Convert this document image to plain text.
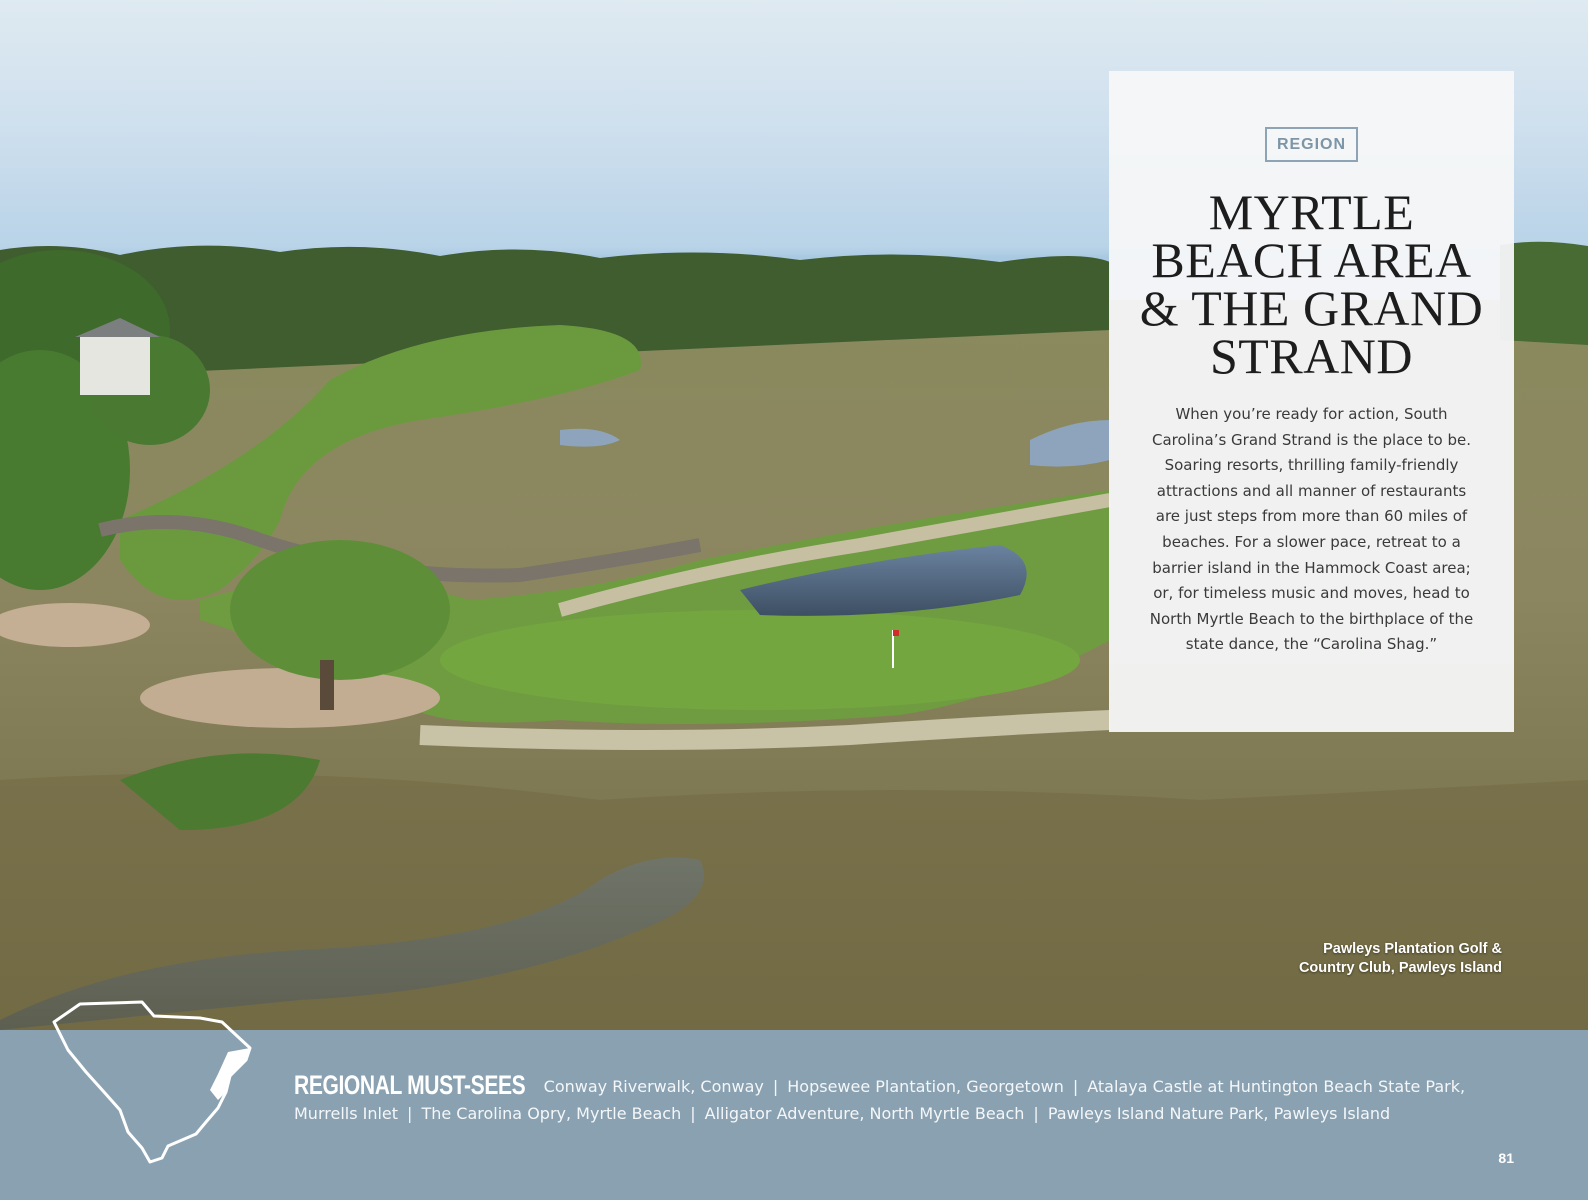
REGION
MYRTLE
BEACH AREA
& THE GRAND
STRAND

When you’re ready for action, South Carolina’s Grand Strand is the place to be. Soaring resorts, thrilling family-friendly attractions and all manner of restaurants are just steps from more than 60 miles of beaches. For a slower pace, retreat to a barrier island in the Hammock Coast area; or, for timeless music and moves, head to North Myrtle Beach to the birthplace of the state dance, the “Carolina Shag.”

Pawleys Plantation Golf &
Country Club, Pawleys Island
REGIONAL MUST-SEES Conway Riverwalk, Conway | Hopsewee Plantation, Georgetown | Atalaya Castle at Huntington Beach State Park, Murrells Inlet | The Carolina Opry, Myrtle Beach | Alligator Adventure, North Myrtle Beach | Pawleys Island Nature Park, Pawleys Island
81
